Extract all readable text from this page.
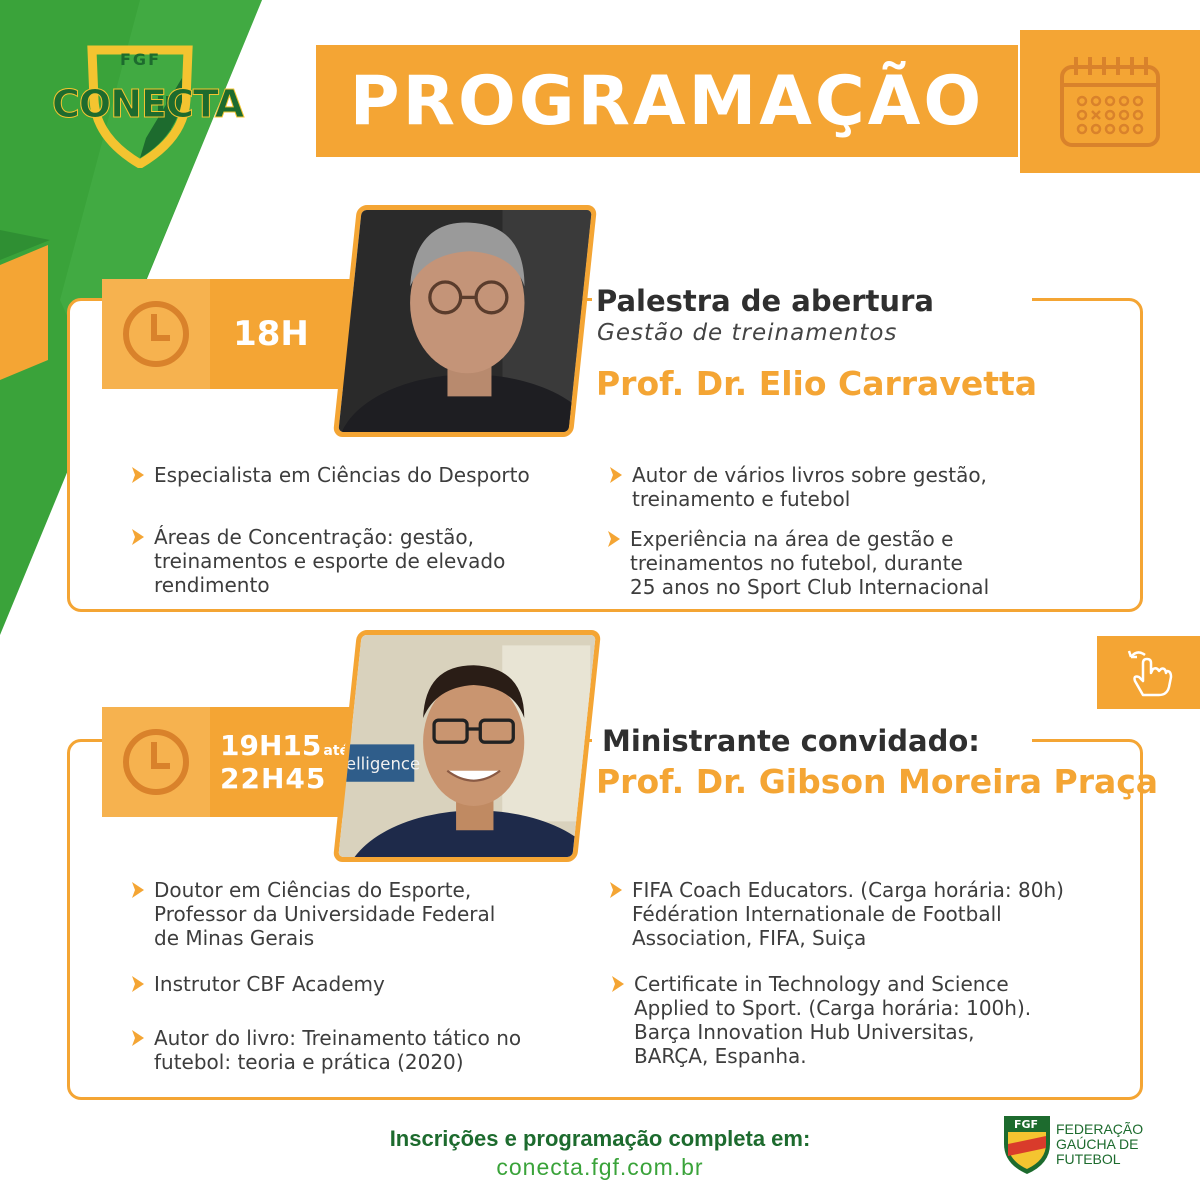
FGF
CONECTA PROGRAMAÇÃO
18H
Palestra de abertura
Gestão de treinamentos
Prof. Dr. Elio Carravetta
Especialista em Ciências do Desporto
Áreas de Concentração: gestão,
treinamentos e esporte de elevado
rendimento
Autor de vários livros sobre gestão,
treinamento e futebol
Experiência na área de gestão e
treinamentos no futebol, durante
25 anos no Sport Club Internacional
19H15 até
22H45 telligence
Ministrante convidado:
Prof. Dr. Gibson Moreira Praça
Doutor em Ciências do Esporte,
Professor da Universidade Federal
de Minas Gerais
Instrutor CBF Academy
Autor do livro: Treinamento tático no
futebol: teoria e prática (2020)
FIFA Coach Educators. (Carga horária: 80h)
Fédération Internationale de Football
Association, FIFA, Suiça
Certificate in Technology and Science
Applied to Sport. (Carga horária: 100h).
Barça Innovation Hub Universitas,
BARÇA, Espanha.
Inscrições e programação completa em:
conecta.fgf.com.br
FGF FEDERAÇÃO
GAÚCHA DE
FUTEBOL
